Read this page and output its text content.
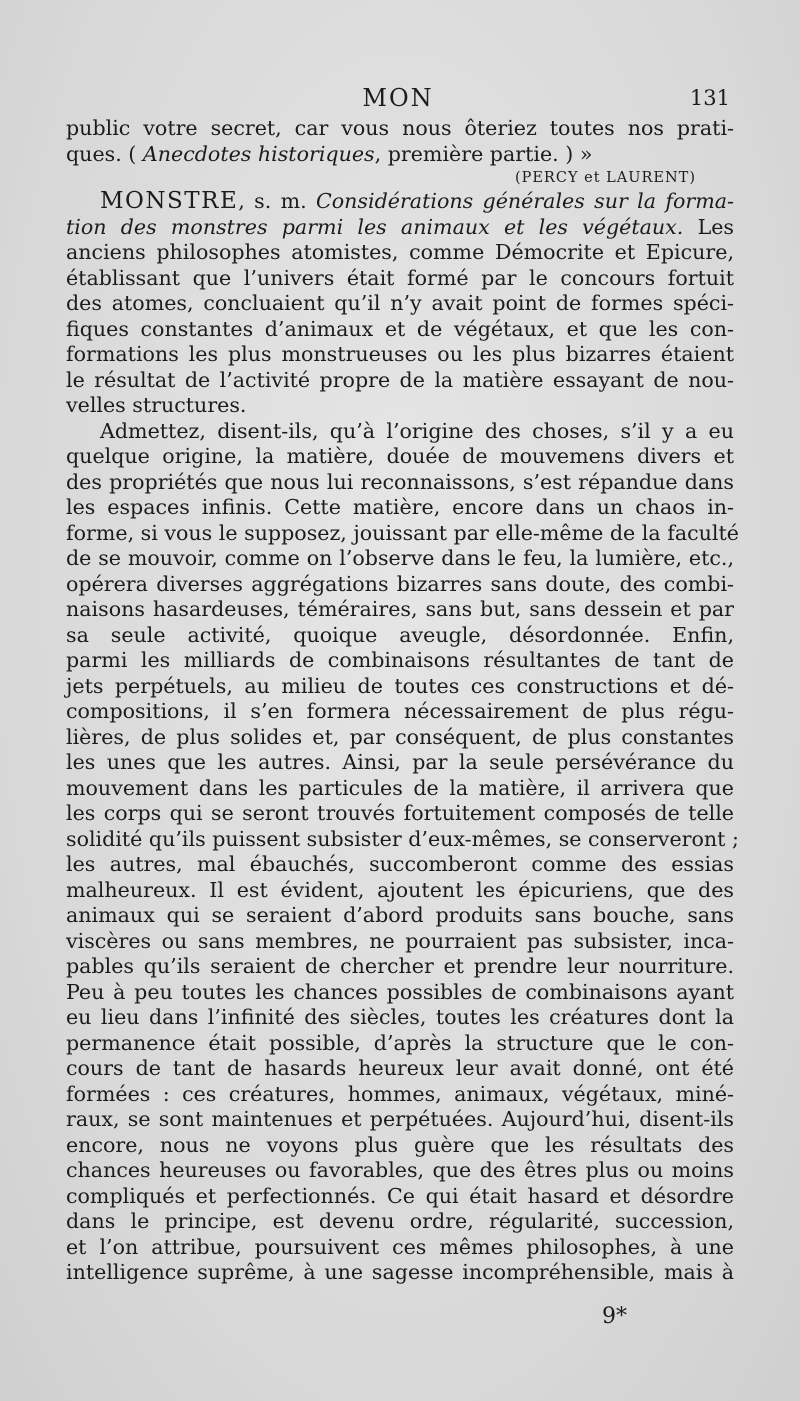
MON	131
public votre secret, car vous nous ôteriez toutes nos prati-
ques. ( Anecdotes historiques, première partie. ) »
(PERCY et LAURENT)
MONSTRE, s. m. Considérations générales sur la forma-
tion des monstres parmi les animaux et les végétaux. Les
anciens philosophes atomistes, comme Démocrite et Epicure,
établissant que l’univers était formé par le concours fortuit
des atomes, concluaient qu’il n’y avait point de formes spéci-
fiques constantes d’animaux et de végétaux, et que les con-
formations les plus monstrueuses ou les plus bizarres étaient
le résultat de l’activité propre de la matière essayant de nou-
velles structures.
Admettez, disent-ils, qu’à l’origine des choses, s’il y a eu
quelque origine, la matière, douée de mouvemens divers et
des propriétés que nous lui reconnaissons, s’est répandue dans
les espaces infinis. Cette matière, encore dans un chaos in-
forme, si vous le supposez, jouissant par elle-même de la faculté
de se mouvoir, comme on l’observe dans le feu, la lumière, etc.,
opérera diverses aggrégations bizarres sans doute, des combi-
naisons hasardeuses, téméraires, sans but, sans dessein et par
sa seule activité, quoique aveugle, désordonnée. Enfin,
parmi les milliards de combinaisons résultantes de tant de
jets perpétuels, au milieu de toutes ces constructions et dé-
compositions, il s’en formera nécessairement de plus régu-
lières, de plus solides et, par conséquent, de plus constantes
les unes que les autres. Ainsi, par la seule persévérance du
mouvement dans les particules de la matière, il arrivera que
les corps qui se seront trouvés fortuitement composés de telle
solidité qu’ils puissent subsister d’eux-mêmes, se conserveront ;
les autres, mal ébauchés, succomberont comme des essias
malheureux. Il est évident, ajoutent les épicuriens, que des
animaux qui se seraient d’abord produits sans bouche, sans
viscères ou sans membres, ne pourraient pas subsister, inca-
pables qu’ils seraient de chercher et prendre leur nourriture.
Peu à peu toutes les chances possibles de combinaisons ayant
eu lieu dans l’infinité des siècles, toutes les créatures dont la
permanence était possible, d’après la structure que le con-
cours de tant de hasards heureux leur avait donné, ont été
formées : ces créatures, hommes, animaux, végétaux, miné-
raux, se sont maintenues et perpétuées. Aujourd’hui, disent-ils
encore, nous ne voyons plus guère que les résultats des
chances heureuses ou favorables, que des êtres plus ou moins
compliqués et perfectionnés. Ce qui était hasard et désordre
dans le principe, est devenu ordre, régularité, succession,
et l’on attribue, poursuivent ces mêmes philosophes, à une
intelligence suprême, à une sagesse incompréhensible, mais à
9*
